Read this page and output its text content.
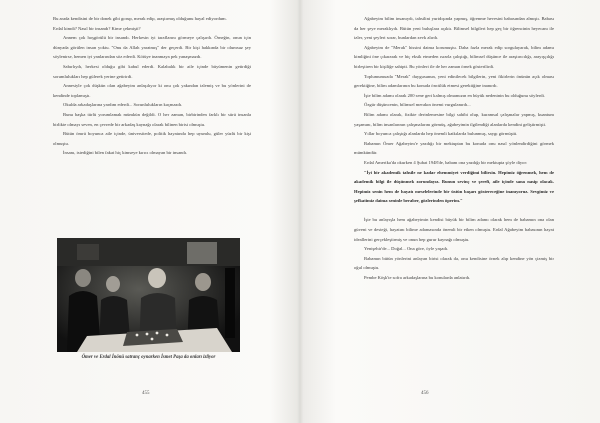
Bu arada kendisini de bir donek gibi gorup, merak edip, araştırmış olduğunu hayal ediyordum.

Erdal kimdi? Nasıl bir insandı? Kime çekmişti?

Annem çok hoşgörülü bir insandı. Herkesin iyi taraflarını görmeye çalışırdı. Örneğin, onun için dünyada görülen insan yoktu. "Onu da Allah yaratmış" der geçerdi. Bir kişi hakkında bir olumsuz şey söylenirse, hemen iyi yanlarından söz ederdi. Kötüye inanmaya pek yanaşmazdı.

Sabırlıydı, herkesi olduğu gibi kabul ederdi. Kalabalık bir aile içinde büyümenin getirdiği sorumlulukları hep gülerek yerine getirirdi.

Annesiyle çok düşkün olan ağabeyim anlaşılıyor ki onu çok yakından izlemiş ve bu yönlerini de kendinde toplamıştı.

Okulda arkadaşlarına yardım ederdi... Sorunlulukların kaçmazdı.

Bunu başka türlü yorumlamak mümkün değildi. O her zaman, birbirinden farklı bir sürü insanla birlikte olmayı seven, en çevrede bir arkadaş kaynağı olarak bilinen birisi olmuştu.

Bütün ömrü boyunca aile içinde, üniversitede, politik hayatında hep uyumlu, güler yüzlü bir kişi olmuştu.

İnsanı, istediğini bilen fakat hiç kimseye kırıcı olmayan bir insandı.

Ömer ve Erdal İnönü satranç oynarken İsmet Paşa da onları izliyor
455

Ağabeyim bilim insanıydı, tahsilini yurtdışında yapmış, öğrenme hevesini babasından almıştı. Babası da her şeye meraklıydı. Bütün yeni buluşlara açıktı. Bilimsel bilgileri hep geç bir öğrencinin heyecanı ile izler, yeni şeyleri sorar, bunlardan zevk alırdı.

Ağabeyim de "Merak" hissini daima korumuştu. Daha fazla merak edip sorgulayarak, bilim adamı kimliğini öne çıkararak ve hiç eksik etmeden ısrarla çalıştığı, bilimsel düşünce ile araştırıcılığı, arayışçılığı birleştiren bir kişiliğe sahipti. Bu yönleri ile de her zaman örnek gösterilirdi.

Toplumumuzda "Merak" duygusunun, yeni edinilecek bilgilerin, yeni fikirlerin önünün açık olması gerektiğine, bilim adamlarının bu konuda öncülük etmesi gerektiğine inanırdı.

İşte bilim adamı olarak 200 sene geri kalmış olmamızın en büyük nedeninin bu olduğunu söylerdi.

Özgür düşüncenin, bilimsel merakın önemi vurgulanırdı...

Bilim adamı olarak, fizikte derinlemesine bilgi sahibi olup, kuramsal çalışmalar yapmış, kuantum yaşamını, bilim insanlarının çalışmalarını görmüş, ağabeyimin ilgilendiği alanlarda kendini geliştirmişti.

Yıllar boyunca çalıştığı alanlarda hep önemli katkılarda bulunmuş, saygı görmüştü.

Babamın Ömer Ağabeyim'e yazdığı bir mektuptan bu konuda onu nasıl yönlendirdiğini görmek mümkündür.

Erdal Amerika'da okurken 4 Şubat 1948'de, babam ona yazdığı bir mektupta şöyle diyor:

"İyi bir akademik tahsile ne kadar ehemmiyet verdiğimi bilirsin. Hepimiz öğrenmek, hem de akademik bilgi ile düşünmek zorundayız. Bunun sevinç ve şerefi, aile içinde sana nasip olacak. Hepimiz senin hem de hayatı meselelerinde bir üstün başarı göstereceğine inanıyoruz. Sevgimiz ve şefkatimiz daima seninle beraber, gözlerinden öperim."

İşte bu anlayışla hem ağabeyimin kendisi büyük bir bilim adamı olarak hem de babamın ona olan güveni ve desteği, hayatını bilime adamasında önemli bir etken olmuştu. Erdal Ağabeyim babasının hayat ideallerini gerçekleştirmiş ve onun hep gurur kaynağı olmuştu.

Yenişehir'de... Doğal... Ona göre, öyle yaşadı.

Babamın bütün yönlerini anlayan birisi olarak da, onu kendisine örnek alıp kendine yön çizmiş bir oğul olmuştu.

Pembe Köşk'te sofra arkadaşlarına bu konularda anlatırdı.

456
